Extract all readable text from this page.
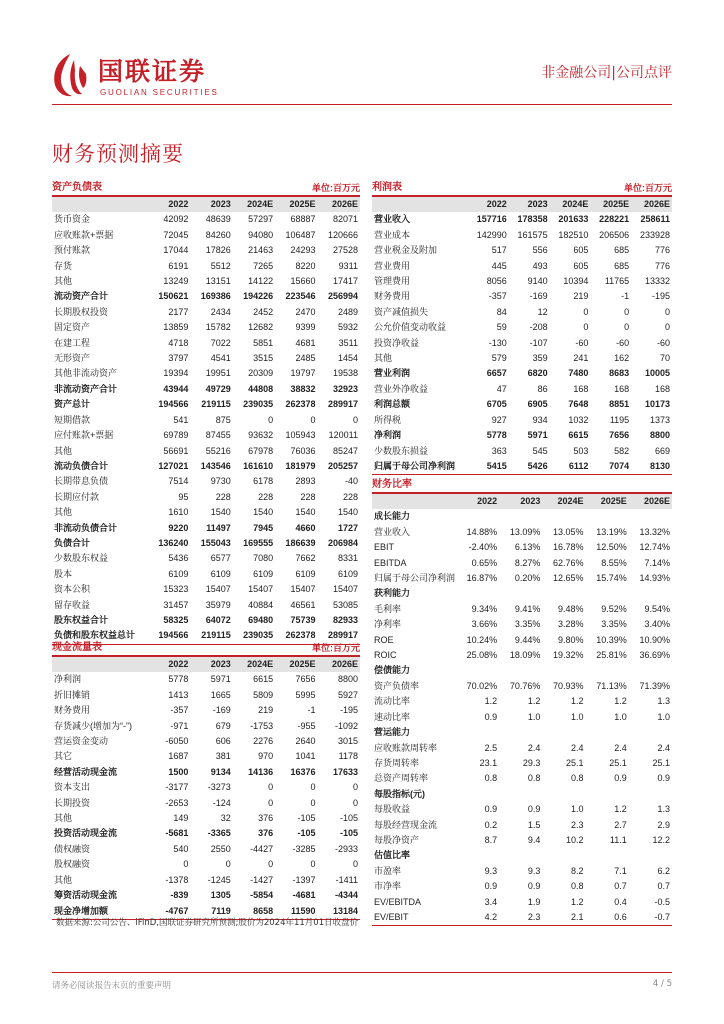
国联证券
GUOLIAN SECURITIES
非金融公司|公司点评
财务预测摘要
资产负债表	单位:百万元
	2022	2023	2024E	2025E	2026E
货币资金	42092	48639	57297	68887	82071
应收账款+票据	72045	84260	94080	106487	120666
预付账款	17044	17826	21463	24293	27528
存货	6191	5512	7265	8220	9311
其他	13249	13151	14122	15660	17417
流动资产合计	150621	169386	194226	223546	256994
长期股权投资	2177	2434	2452	2470	2489
固定资产	13859	15782	12682	9399	5932
在建工程	4718	7022	5851	4681	3511
无形资产	3797	4541	3515	2485	1454
其他非流动资产	19394	19951	20309	19797	19538
非流动资产合计	43944	49729	44808	38832	32923
资产总计	194566	219115	239035	262378	289917
短期借款	541	875	0	0	0
应付账款+票据	69789	87455	93632	105943	120011
其他	56691	55216	67978	76036	85247
流动负债合计	127021	143546	161610	181979	205257
长期带息负债	7514	9730	6178	2893	-40
长期应付款	95	228	228	228	228
其他	1610	1540	1540	1540	1540
非流动负债合计	9220	11497	7945	4660	1727
负债合计	136240	155043	169555	186639	206984
少数股东权益	5436	6577	7080	7662	8331
股本	6109	6109	6109	6109	6109
资本公积	15323	15407	15407	15407	15407
留存收益	31457	35979	40884	46561	53085
股东权益合计	58325	64072	69480	75739	82933
负债和股东权益总计	194566	219115	239035	262378	289917
利润表	单位:百万元
	2022	2023	2024E	2025E	2026E
营业收入	157716	178358	201633	228221	258611
营业成本	142990	161575	182510	206506	233928
营业税金及附加	517	556	605	685	776
营业费用	445	493	605	685	776
管理费用	8056	9140	10394	11765	13332
财务费用	-357	-169	219	-1	-195
资产减值损失	84	12	0	0	0
公允价值变动收益	59	-208	0	0	0
投资净收益	-130	-107	-60	-60	-60
其他	579	359	241	162	70
营业利润	6657	6820	7480	8683	10005
营业外净收益	47	86	168	168	168
利润总额	6705	6905	7648	8851	10173
所得税	927	934	1032	1195	1373
净利润	5778	5971	6615	7656	8800
少数股东损益	363	545	503	582	669
归属于母公司净利润	5415	5426	6112	7074	8130
财务比率
	2022	2023	2024E	2025E	2026E
成长能力					
营业收入	14.88%	13.09%	13.05%	13.19%	13.32%
EBIT	-2.40%	6.13%	16.78%	12.50%	12.74%
EBITDA	0.65%	8.27%	62.76%	8.55%	7.14%
归属于母公司净利润	16.87%	0.20%	12.65%	15.74%	14.93%
获利能力					
毛利率	9.34%	9.41%	9.48%	9.52%	9.54%
净利率	3.66%	3.35%	3.28%	3.35%	3.40%
ROE	10.24%	9.44%	9.80%	10.39%	10.90%
ROIC	25.08%	18.09%	19.32%	25.81%	36.69%
偿债能力					
资产负债率	70.02%	70.76%	70.93%	71.13%	71.39%
流动比率	1.2	1.2	1.2	1.2	1.3
速动比率	0.9	1.0	1.0	1.0	1.0
营运能力					
应收账款周转率	2.5	2.4	2.4	2.4	2.4
存货周转率	23.1	29.3	25.1	25.1	25.1
总资产周转率	0.8	0.8	0.8	0.9	0.9
每股指标(元)					
每股收益	0.9	0.9	1.0	1.2	1.3
每股经营现金流	0.2	1.5	2.3	2.7	2.9
每股净资产	8.7	9.4	10.2	11.1	12.2
估值比率					
市盈率	9.3	9.3	8.2	7.1	6.2
市净率	0.9	0.9	0.8	0.7	0.7
EV/EBITDA	3.4	1.9	1.2	0.4	-0.5
EV/EBIT	4.2	2.3	2.1	0.6	-0.7
现金流量表	单位:百万元
	2022	2023	2024E	2025E	2026E
净利润	5778	5971	6615	7656	8800
折旧摊销	1413	1665	5809	5995	5927
财务费用	-357	-169	219	-1	-195
存货减少(增加为“-”)	-971	679	-1753	-955	-1092
营运资金变动	-6050	606	2276	2640	3015
其它	1687	381	970	1041	1178
经营活动现金流	1500	9134	14136	16376	17633
资本支出	-3177	-3273	0	0	0
长期投资	-2653	-124	0	0	0
其他	149	32	376	-105	-105
投资活动现金流	-5681	-3365	376	-105	-105
债权融资	540	2550	-4427	-3285	-2933
股权融资	0	0	0	0	0
其他	-1378	-1245	-1427	-1397	-1411
筹资活动现金流	-839	1305	-5854	-4681	-4344
现金净增加额	-4767	7119	8658	11590	13184
数据来源:公司公告、iFinD,国联证券研究所预测;股价为2024年11月01日收盘价
请务必阅读报告末页的重要声明	4 / 5
